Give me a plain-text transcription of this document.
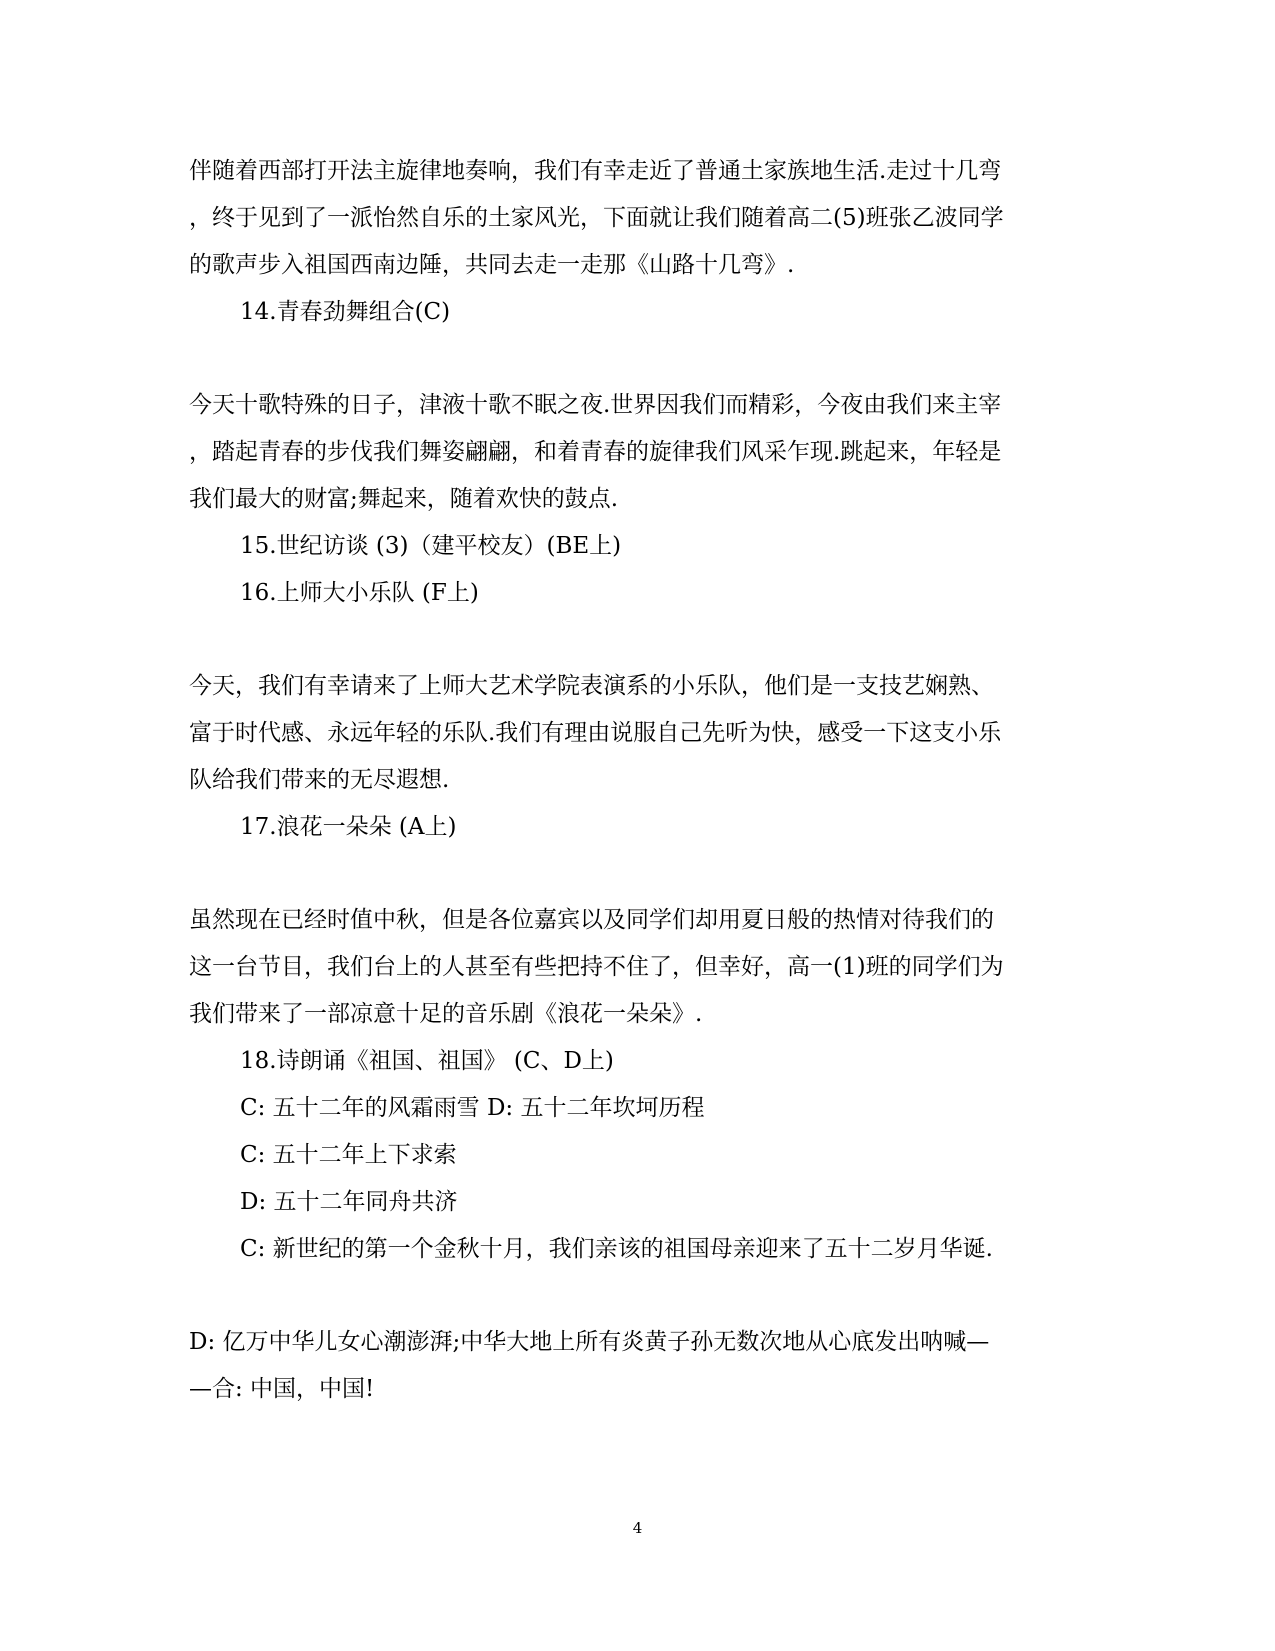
伴随着西部打开法主旋律地奏响，我们有幸走近了普通土家族地生活.走过十几弯
，终于见到了一派怡然自乐的土家风光，下面就让我们随着高二(5)班张乙波同学
的歌声步入祖国西南边陲，共同去走一走那《山路十几弯》.
14.青春劲舞组合(C)
今天十歌特殊的日子，津液十歌不眠之夜.世界因我们而精彩，今夜由我们来主宰
，踏起青春的步伐我们舞姿翩翩，和着青春的旋律我们风采乍现.跳起来，年轻是
我们最大的财富;舞起来，随着欢快的鼓点.
15.世纪访谈 (3)（建平校友）(BE上)
16.上师大小乐队 (F上)
今天，我们有幸请来了上师大艺术学院表演系的小乐队，他们是一支技艺娴熟、
富于时代感、永远年轻的乐队.我们有理由说服自己先听为快，感受一下这支小乐
队给我们带来的无尽遐想.
17.浪花一朵朵 (A上)
虽然现在已经时值中秋，但是各位嘉宾以及同学们却用夏日般的热情对待我们的
这一台节目，我们台上的人甚至有些把持不住了，但幸好，高一(1)班的同学们为
我们带来了一部凉意十足的音乐剧《浪花一朵朵》.
18.诗朗诵《祖国、祖国》 (C、D上)
C: 五十二年的风霜雨雪 D: 五十二年坎坷历程
C: 五十二年上下求索
D: 五十二年同舟共济
C: 新世纪的第一个金秋十月，我们亲该的祖国母亲迎来了五十二岁月华诞.
D: 亿万中华儿女心潮澎湃;中华大地上所有炎黄子孙无数次地从心底发出呐喊—
—合: 中国，中国!
4
